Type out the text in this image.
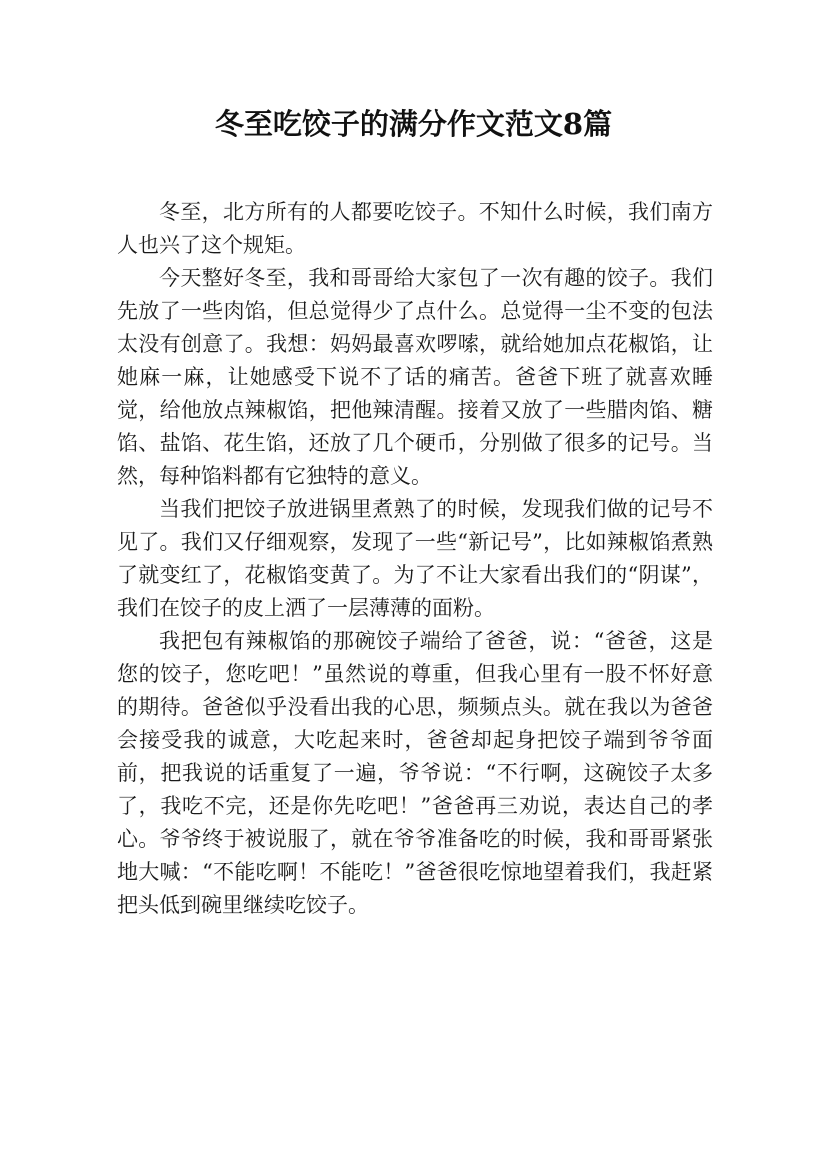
冬至吃饺子的满分作文范文8篇

冬至，北方所有的人都要吃饺子。不知什么时候，我们南方人也兴了这个规矩。

今天整好冬至，我和哥哥给大家包了一次有趣的饺子。我们先放了一些肉馅，但总觉得少了点什么。总觉得一尘不变的包法太没有创意了。我想：妈妈最喜欢啰嗦，就给她加点花椒馅，让她麻一麻，让她感受下说不了话的痛苦。爸爸下班了就喜欢睡觉，给他放点辣椒馅，把他辣清醒。接着又放了一些腊肉馅、糖馅、盐馅、花生馅，还放了几个硬币，分别做了很多的记号。当然，每种馅料都有它独特的意义。

当我们把饺子放进锅里煮熟了的时候，发现我们做的记号不见了。我们又仔细观察，发现了一些“新记号”，比如辣椒馅煮熟了就变红了，花椒馅变黄了。为了不让大家看出我们的“阴谋”，我们在饺子的皮上洒了一层薄薄的面粉。

我把包有辣椒馅的那碗饺子端给了爸爸，说：“爸爸，这是您的饺子，您吃吧！”虽然说的尊重，但我心里有一股不怀好意的期待。爸爸似乎没看出我的心思，频频点头。就在我以为爸爸会接受我的诚意，大吃起来时，爸爸却起身把饺子端到爷爷面前，把我说的话重复了一遍，爷爷说：“不行啊，这碗饺子太多了，我吃不完，还是你先吃吧！”爸爸再三劝说，表达自己的孝心。爷爷终于被说服了，就在爷爷准备吃的时候，我和哥哥紧张地大喊：“不能吃啊！不能吃！”爸爸很吃惊地望着我们，我赶紧把头低到碗里继续吃饺子。
